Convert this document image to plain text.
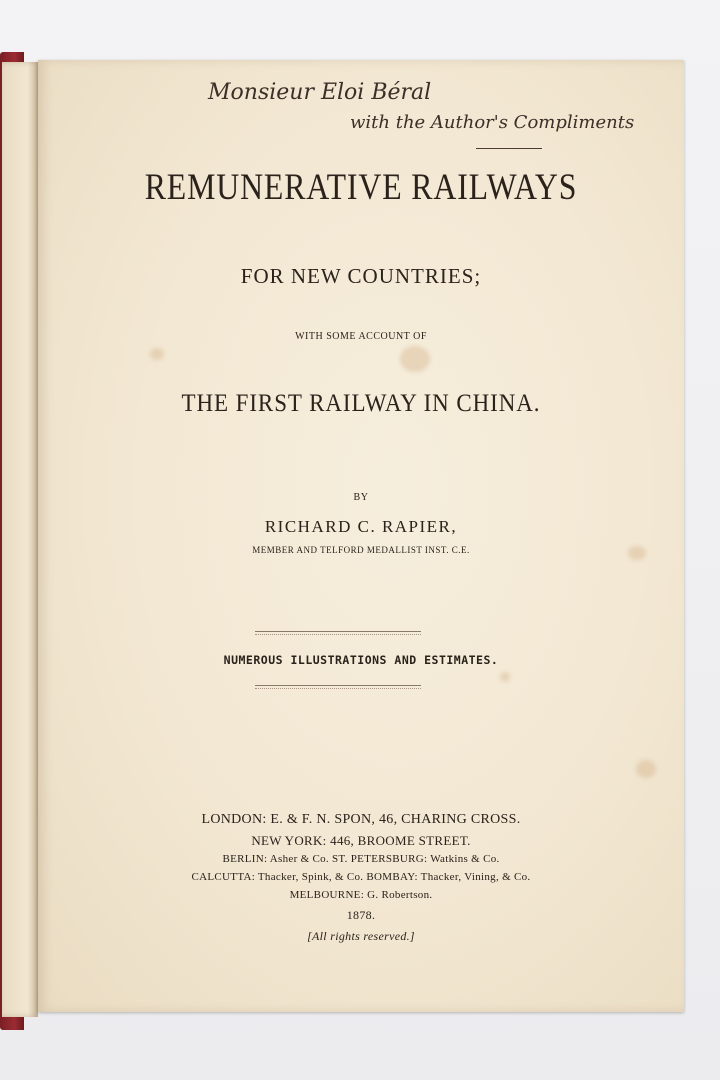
Monsieur Eloi Béral
with the Author's Compliments
REMUNERATIVE RAILWAYS
FOR NEW COUNTRIES;
WITH SOME ACCOUNT OF
THE FIRST RAILWAY IN CHINA.
BY
RICHARD C. RAPIER,
MEMBER AND TELFORD MEDALLIST INST. C.E.
NUMEROUS ILLUSTRATIONS AND ESTIMATES.
LONDON: E. & F. N. SPON, 46, CHARING CROSS.
NEW YORK: 446, BROOME STREET.
BERLIN: Asher & Co. ST. PETERSBURG: Watkins & Co.
CALCUTTA: Thacker, Spink, & Co. BOMBAY: Thacker, Vining, & Co.
MELBOURNE: G. Robertson.
1878.
[All rights reserved.]
